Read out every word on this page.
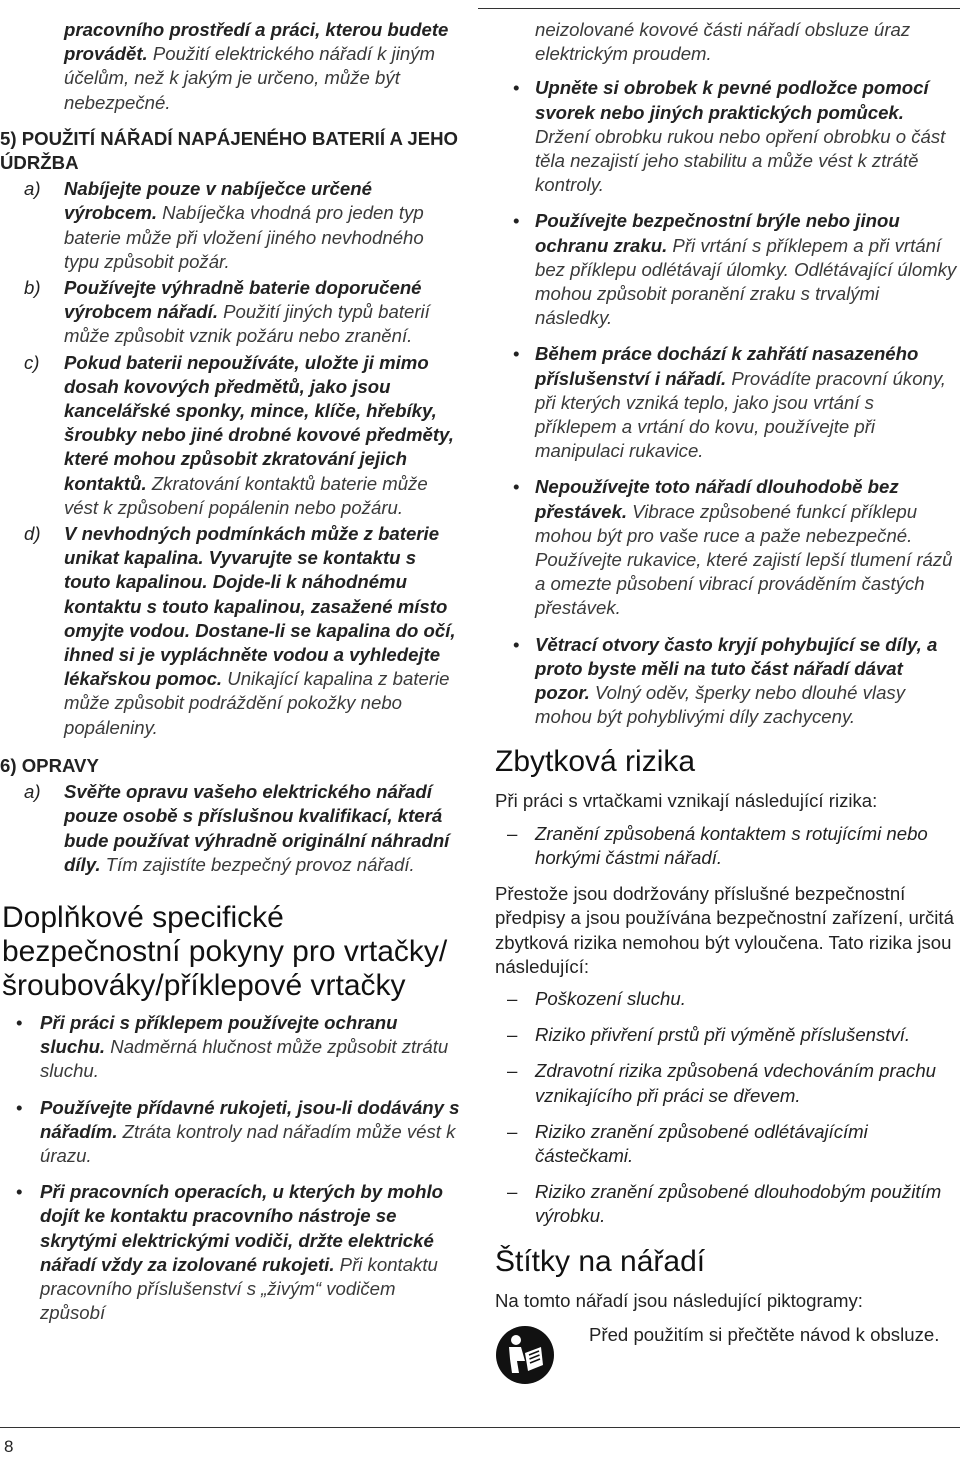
pracovního prostředí a práci, kterou budete provádět. Použití elektrického nářadí k jiným účelům, než k jakým je určeno, může být nebezpečné.
5) POUŽITÍ NÁŘADÍ NAPÁJENÉHO BATERIÍ A JEHO ÚDRŽBA
a) Nabíjejte pouze v nabíječce určené výrobcem. Nabíječka vhodná pro jeden typ baterie může při vložení jiného nevhodného typu způsobit požár.
b) Používejte výhradně baterie doporučené výrobcem nářadí. Použití jiných typů baterií může způsobit vznik požáru nebo zranění.
c) Pokud baterii nepoužíváte, uložte ji mimo dosah kovových předmětů, jako jsou kancelářské sponky, mince, klíče, hřebíky, šroubky nebo jiné drobné kovové předměty, které mohou způsobit zkratování jejich kontaktů. Zkratování kontaktů baterie může vést k způsobení popálenin nebo požáru.
d) V nevhodných podmínkách může z baterie unikat kapalina. Vyvarujte se kontaktu s touto kapalinou. Dojde-li k náhodnému kontaktu s touto kapalinou, zasažené místo omyjte vodou. Dostane-li se kapalina do očí, ihned si je vypláchněte vodou a vyhledejte lékařskou pomoc. Unikající kapalina z baterie může způsobit podráždění pokožky nebo popáleniny.
6) OPRAVY
a) Svěřte opravu vašeho elektrického nářadí pouze osobě s příslušnou kvalifikací, která bude používat výhradně originální náhradní díly. Tím zajistíte bezpečný provoz nářadí.
Doplňkové specifické bezpečnostní pokyny pro vrtačky/ šroubováky/příklepové vrtačky
• Při práci s příklepem používejte ochranu sluchu. Nadměrná hlučnost může způsobit ztrátu sluchu.
• Používejte přídavné rukojeti, jsou-li dodávány s nářadím. Ztráta kontroly nad nářadím může vést k úrazu.
• Při pracovních operacích, u kterých by mohlo dojít ke kontaktu pracovního nástroje se skrytými elektrickými vodiči, držte elektrické nářadí vždy za izolované rukojeti. Při kontaktu pracovního příslušenství s „živým“ vodičem způsobí
neizolované kovové části nářadí obsluze úraz elektrickým proudem.
• Upněte si obrobek k pevné podložce pomocí svorek nebo jiných praktických pomůcek. Držení obrobku rukou nebo opření obrobku o část těla nezajistí jeho stabilitu a může vést k ztrátě kontroly.
• Používejte bezpečnostní brýle nebo jinou ochranu zraku. Při vrtání s příklepem a při vrtání bez příklepu odlétávají úlomky. Odlétávající úlomky mohou způsobit poranění zraku s trvalými následky.
• Během práce dochází k zahřátí nasazeného příslušenství i nářadí. Provádíte pracovní úkony, při kterých vzniká teplo, jako jsou vrtání s příklepem a vrtání do kovu, používejte při manipulaci rukavice.
• Nepoužívejte toto nářadí dlouhodobě bez přestávek. Vibrace způsobené funkcí příklepu mohou být pro vaše ruce a paže nebezpečné. Používejte rukavice, které zajistí lepší tlumení rázů a omezte působení vibrací prováděním častých přestávek.
• Větrací otvory často kryjí pohybující se díly, a proto byste měli na tuto část nářadí dávat pozor. Volný oděv, šperky nebo dlouhé vlasy mohou být pohyblivými díly zachyceny.
Zbytková rizika

Při práci s vrtačkami vznikají následující rizika:

– Zranění způsobená kontaktem s rotujícími nebo horkými částmi nářadí.

Přestože jsou dodržovány příslušné bezpečnostní předpisy a jsou používána bezpečnostní zařízení, určitá zbytková rizika nemohou být vyloučena. Tato rizika jsou následující:

– Poškození sluchu.
– Riziko přivření prstů při výměně příslušenství.
– Zdravotní rizika způsobená vdechováním prachu vznikajícího při práci se dřevem.
– Riziko zranění způsobené odlétávajícími částečkami.
– Riziko zranění způsobené dlouhodobým použitím výrobku.
Štítky na nářadí

Na tomto nářadí jsou následující piktogramy:

Před použitím si přečtěte návod k obsluze.
8
